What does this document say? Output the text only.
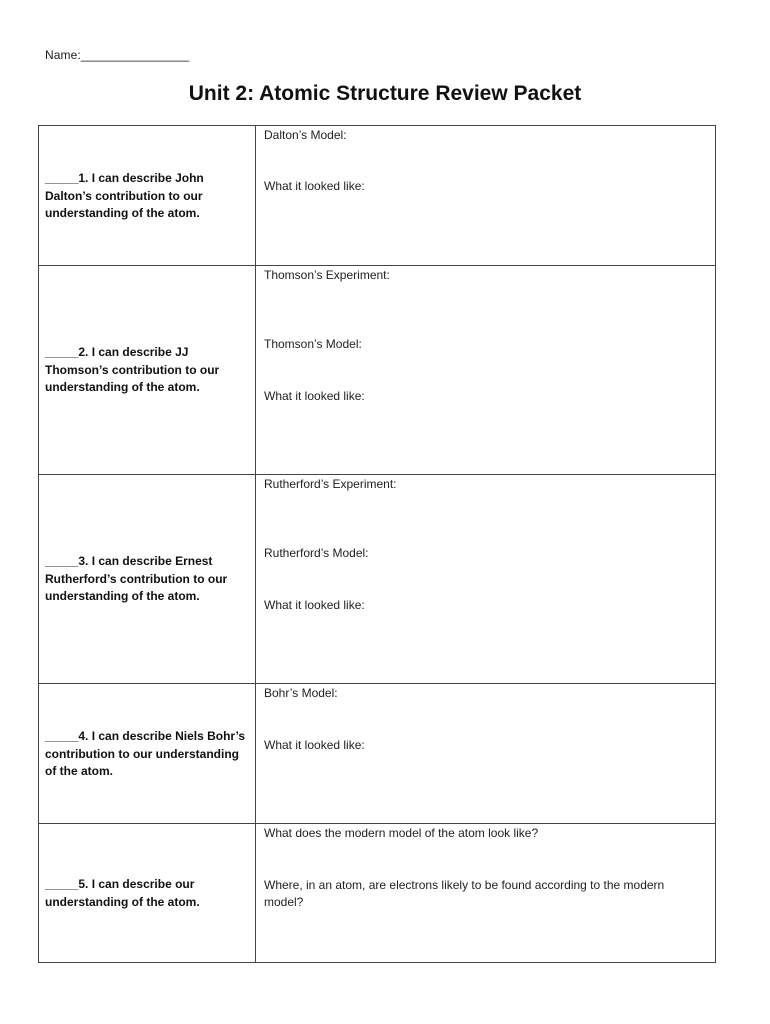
Name:________________
Unit 2: Atomic Structure Review Packet
_____1. I can describe John Dalton’s contribution to our understanding of the atom.	Dalton’s Model:
What it looked like:

_____2. I can describe JJ Thomson’s contribution to our understanding of the atom.	Thomson’s Experiment:
Thomson’s Model:
What it looked like:

_____3. I can describe Ernest Rutherford’s contribution to our understanding of the atom.	Rutherford’s Experiment:
Rutherford’s Model:
What it looked like:

_____4. I can describe Niels Bohr’s contribution to our understanding of the atom.	Bohr’s Model:
What it looked like:

_____5. I can describe our understanding of the atom.	What does the modern model of the atom look like?
Where, in an atom, are electrons likely to be found according to the modern model?
